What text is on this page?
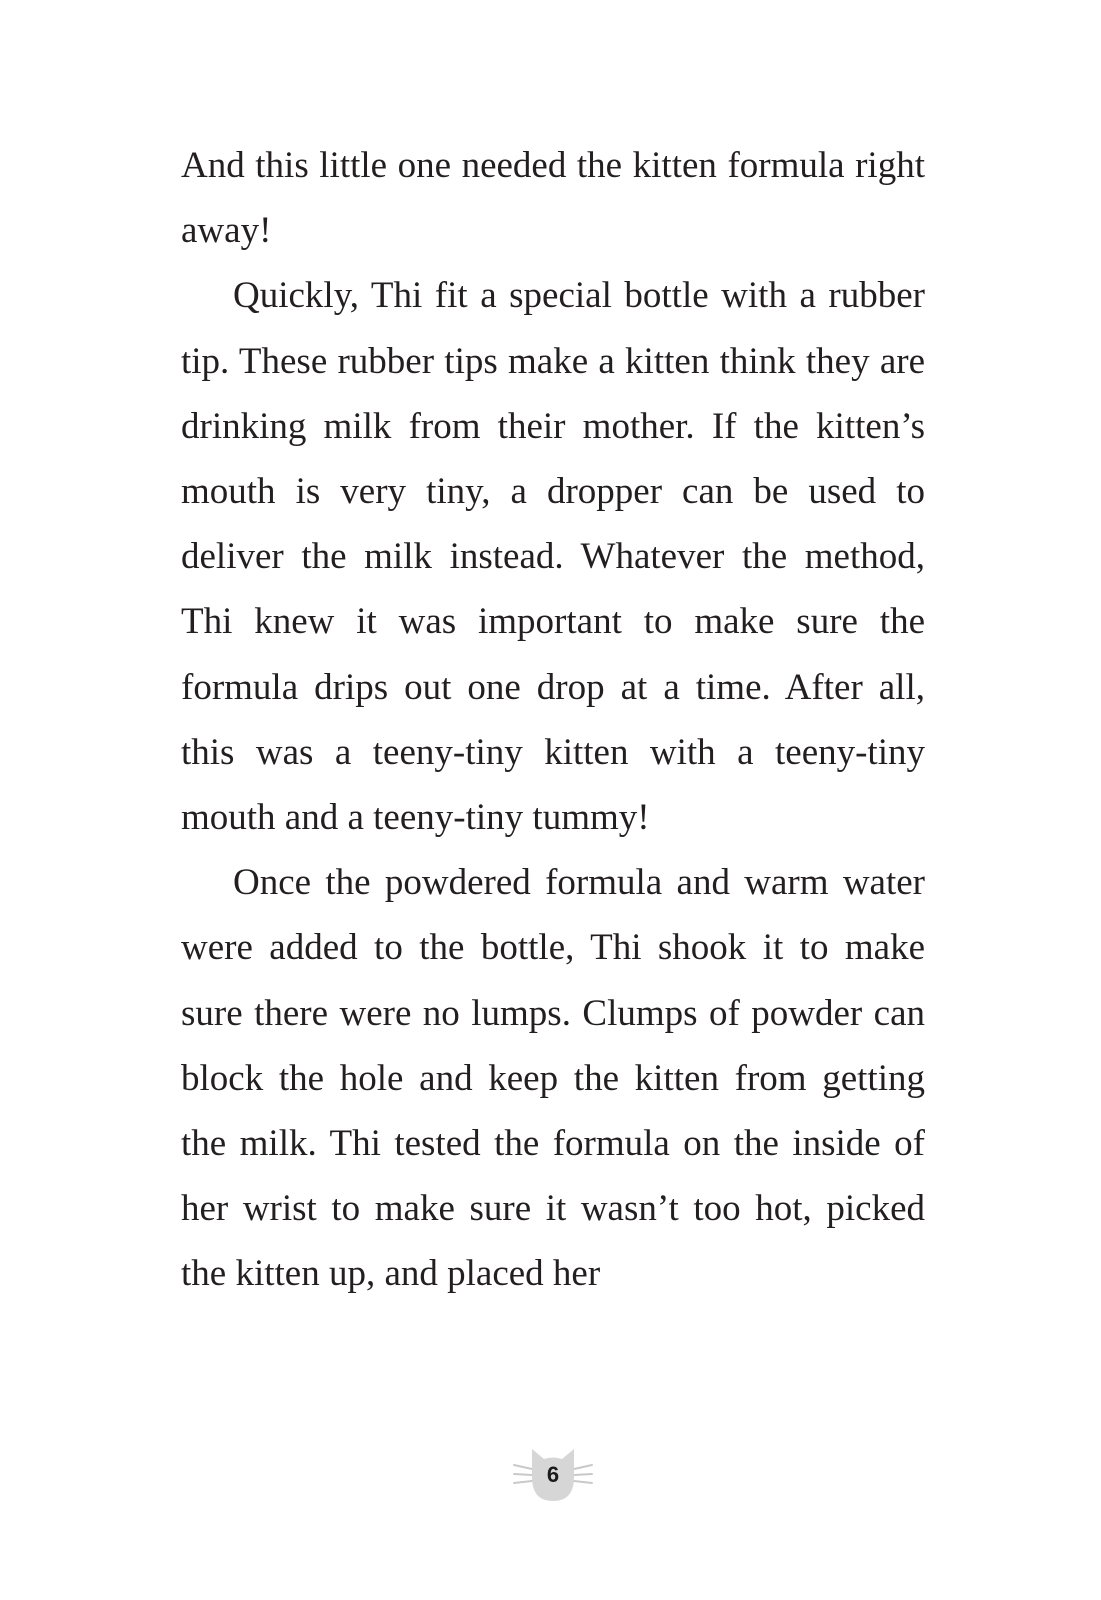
And this little one needed the kitten formula right away!

Quickly, Thi fit a special bottle with a rubber tip. These rubber tips make a kitten think they are drinking milk from their mother. If the kitten’s mouth is very tiny, a dropper can be used to deliver the milk instead. Whatever the method, Thi knew it was important to make sure the formula drips out one drop at a time. After all, this was a teeny-tiny kitten with a teeny-tiny mouth and a teeny-tiny tummy!

Once the powdered formula and warm water were added to the bottle, Thi shook it to make sure there were no lumps. Clumps of powder can block the hole and keep the kitten from getting the milk. Thi tested the formula on the inside of her wrist to make sure it wasn’t too hot, picked the kitten up, and placed her

6
